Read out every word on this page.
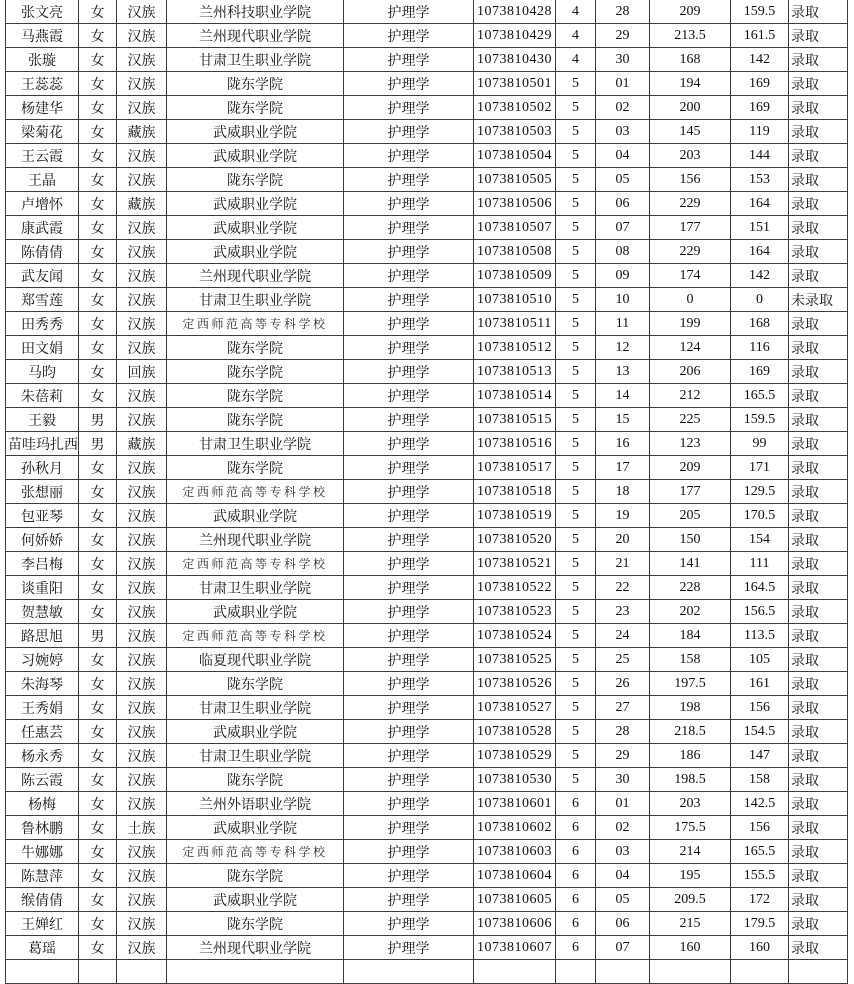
张文亮	女	汉族	兰州科技职业学院	护理学	1073810428	4	28	209	159.5	录取
马燕霞	女	汉族	兰州现代职业学院	护理学	1073810429	4	29	213.5	161.5	录取
张璇	女	汉族	甘肃卫生职业学院	护理学	1073810430	4	30	168	142	录取
王蕊蕊	女	汉族	陇东学院	护理学	1073810501	5	01	194	169	录取
杨建华	女	汉族	陇东学院	护理学	1073810502	5	02	200	169	录取
梁菊花	女	藏族	武威职业学院	护理学	1073810503	5	03	145	119	录取
王云霞	女	汉族	武威职业学院	护理学	1073810504	5	04	203	144	录取
王晶	女	汉族	陇东学院	护理学	1073810505	5	05	156	153	录取
卢增怀	女	藏族	武威职业学院	护理学	1073810506	5	06	229	164	录取
康武霞	女	汉族	武威职业学院	护理学	1073810507	5	07	177	151	录取
陈倩倩	女	汉族	武威职业学院	护理学	1073810508	5	08	229	164	录取
武友闻	女	汉族	兰州现代职业学院	护理学	1073810509	5	09	174	142	录取
郑雪莲	女	汉族	甘肃卫生职业学院	护理学	1073810510	5	10	0	0	未录取
田秀秀	女	汉族	定西师范高等专科学校	护理学	1073810511	5	11	199	168	录取
田文娟	女	汉族	陇东学院	护理学	1073810512	5	12	124	116	录取
马昀	女	回族	陇东学院	护理学	1073810513	5	13	206	169	录取
朱蓓莉	女	汉族	陇东学院	护理学	1073810514	5	14	212	165.5	录取
王毅	男	汉族	陇东学院	护理学	1073810515	5	15	225	159.5	录取
苗哇玛扎西	男	藏族	甘肃卫生职业学院	护理学	1073810516	5	16	123	99	录取
孙秋月	女	汉族	陇东学院	护理学	1073810517	5	17	209	171	录取
张想丽	女	汉族	定西师范高等专科学校	护理学	1073810518	5	18	177	129.5	录取
包亚琴	女	汉族	武威职业学院	护理学	1073810519	5	19	205	170.5	录取
何娇娇	女	汉族	兰州现代职业学院	护理学	1073810520	5	20	150	154	录取
李吕梅	女	汉族	定西师范高等专科学校	护理学	1073810521	5	21	141	111	录取
谈重阳	女	汉族	甘肃卫生职业学院	护理学	1073810522	5	22	228	164.5	录取
贺慧敏	女	汉族	武威职业学院	护理学	1073810523	5	23	202	156.5	录取
路思旭	男	汉族	定西师范高等专科学校	护理学	1073810524	5	24	184	113.5	录取
习婉婷	女	汉族	临夏现代职业学院	护理学	1073810525	5	25	158	105	录取
朱海琴	女	汉族	陇东学院	护理学	1073810526	5	26	197.5	161	录取
王秀娟	女	汉族	甘肃卫生职业学院	护理学	1073810527	5	27	198	156	录取
任惠芸	女	汉族	武威职业学院	护理学	1073810528	5	28	218.5	154.5	录取
杨永秀	女	汉族	甘肃卫生职业学院	护理学	1073810529	5	29	186	147	录取
陈云霞	女	汉族	陇东学院	护理学	1073810530	5	30	198.5	158	录取
杨梅	女	汉族	兰州外语职业学院	护理学	1073810601	6	01	203	142.5	录取
鲁林鹏	女	土族	武威职业学院	护理学	1073810602	6	02	175.5	156	录取
牛娜娜	女	汉族	定西师范高等专科学校	护理学	1073810603	6	03	214	165.5	录取
陈慧萍	女	汉族	陇东学院	护理学	1073810604	6	04	195	155.5	录取
缑倩倩	女	汉族	武威职业学院	护理学	1073810605	6	05	209.5	172	录取
王婵红	女	汉族	陇东学院	护理学	1073810606	6	06	215	179.5	录取
葛瑶	女	汉族	兰州现代职业学院	护理学	1073810607	6	07	160	160	录取
